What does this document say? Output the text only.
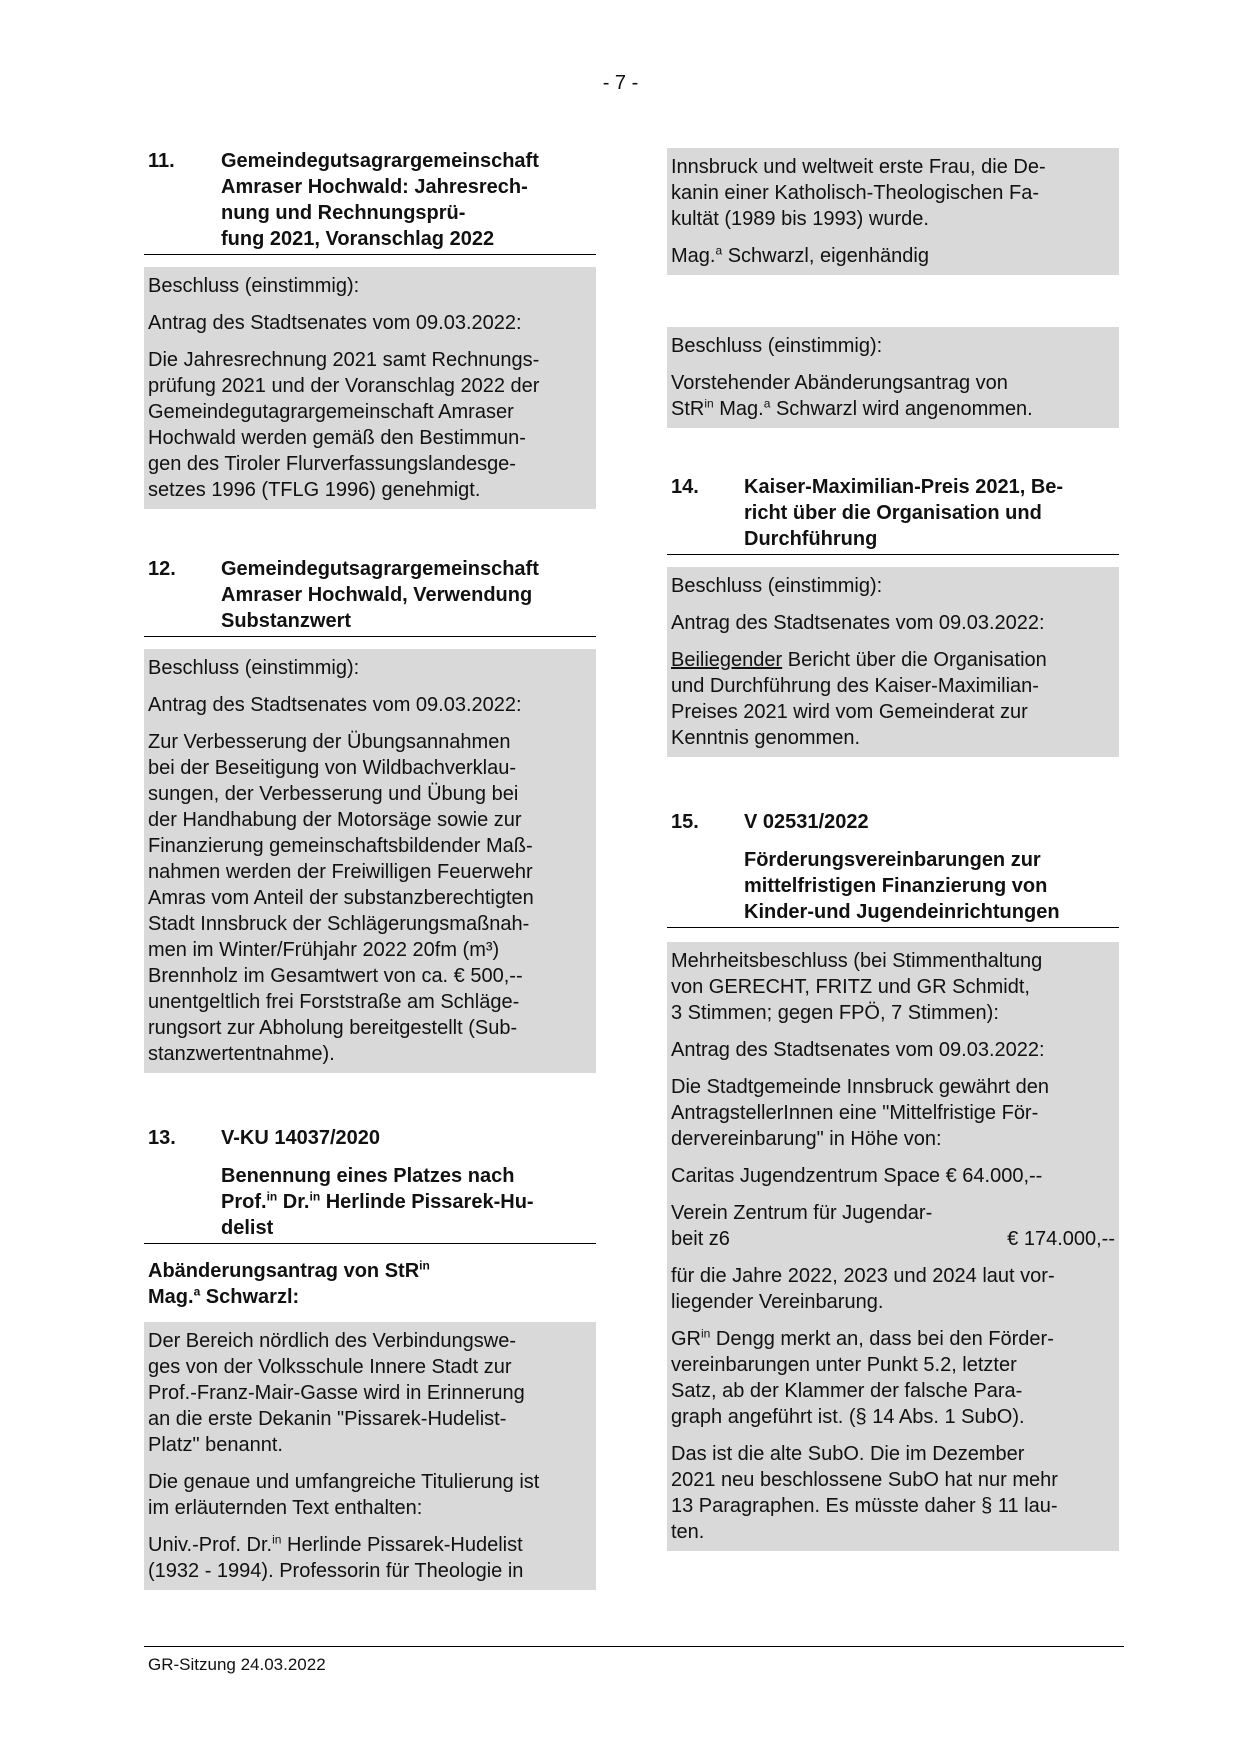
- 7 -
11.	Gemeindegutsagrargemeinschaft
Amraser Hochwald: Jahresrech-
nung und Rechnungsprü-
fung 2021, Voranschlag 2022

Beschluss (einstimmig):

Antrag des Stadtsenates vom 09.03.2022:

Die Jahresrechnung 2021 samt Rechnungs-
prüfung 2021 und der Voranschlag 2022 der
Gemeindegutagrargemeinschaft Amraser
Hochwald werden gemäß den Bestimmun-
gen des Tiroler Flurverfassungslandesge-
setzes 1996 (TFLG 1996) genehmigt.

12.	Gemeindegutsagrargemeinschaft
Amraser Hochwald, Verwendung
Substanzwert

Beschluss (einstimmig):

Antrag des Stadtsenates vom 09.03.2022:

Zur Verbesserung der Übungsannahmen
bei der Beseitigung von Wildbachverklau-
sungen, der Verbesserung und Übung bei
der Handhabung der Motorsäge sowie zur
Finanzierung gemeinschaftsbildender Maß-
nahmen werden der Freiwilligen Feuerwehr
Amras vom Anteil der substanzberechtigten
Stadt Innsbruck der Schlägerungsmaßnah-
men im Winter/Frühjahr 2022 20fm (m³)
Brennholz im Gesamtwert von ca. € 500,--
unentgeltlich frei Forststraße am Schläge-
rungsort zur Abholung bereitgestellt (Sub-
stanzwertentnahme).

13.	V-KU 14037/2020
Benennung eines Platzes nach
Prof.$^{in}$ Dr.$^{in}$ Herlinde Pissarek-Hu-
delist
Abänderungsantrag von StR$^{in}$
Mag.$^a$ Schwarzl:

Der Bereich nördlich des Verbindungswe-
ges von der Volksschule Innere Stadt zur
Prof.-Franz-Mair-Gasse wird in Erinnerung
an die erste Dekanin "Pissarek-Hudelist-
Platz" benannt.

Die genaue und umfangreiche Titulierung ist
im erläuternden Text enthalten:

Univ.-Prof. Dr.$^{in}$ Herlinde Pissarek-Hudelist
(1932 - 1994). Professorin für Theologie in

Innsbruck und weltweit erste Frau, die De-
kanin einer Katholisch-Theologischen Fa-
kultät (1989 bis 1993) wurde.

Mag.$^a$ Schwarzl, eigenhändig

Beschluss (einstimmig):

Vorstehender Abänderungsantrag von
StR$^{in}$ Mag.$^a$ Schwarzl wird angenommen.

14.	Kaiser-Maximilian-Preis 2021, Be-
richt über die Organisation und
Durchführung

Beschluss (einstimmig):

Antrag des Stadtsenates vom 09.03.2022:

Beiliegender Bericht über die Organisation
und Durchführung des Kaiser-Maximilian-
Preises 2021 wird vom Gemeinderat zur
Kenntnis genommen.

15.	V 02531/2022
Förderungsvereinbarungen zur
mittelfristigen Finanzierung von
Kinder-und Jugendeinrichtungen

Mehrheitsbeschluss (bei Stimmenthaltung
von GERECHT, FRITZ und GR Schmidt,
3 Stimmen; gegen FPÖ, 7 Stimmen):

Antrag des Stadtsenates vom 09.03.2022:

Die Stadtgemeinde Innsbruck gewährt den
AntragstellerInnen eine "Mittelfristige För-
dervereinbarung" in Höhe von:

Caritas Jugendzentrum Space € 64.000,--

Verein Zentrum für Jugendar-

beit z6	€ 174.000,--

für die Jahre 2022, 2023 und 2024 laut vor-
liegender Vereinbarung.

$GR^{in}$ Dengg merkt an, dass bei den Förder-
vereinbarungen unter Punkt 5.2, letzter
Satz, ab der Klammer der falsche Para-
graph angeführt ist. (§ 14 Abs. 1 SubO).

Das ist die alte SubO. Die im Dezember
2021 neu beschlossene SubO hat nur mehr
13 Paragraphen. Es müsste daher § 11 lau-
ten.

GR-Sitzung 24.03.2022
